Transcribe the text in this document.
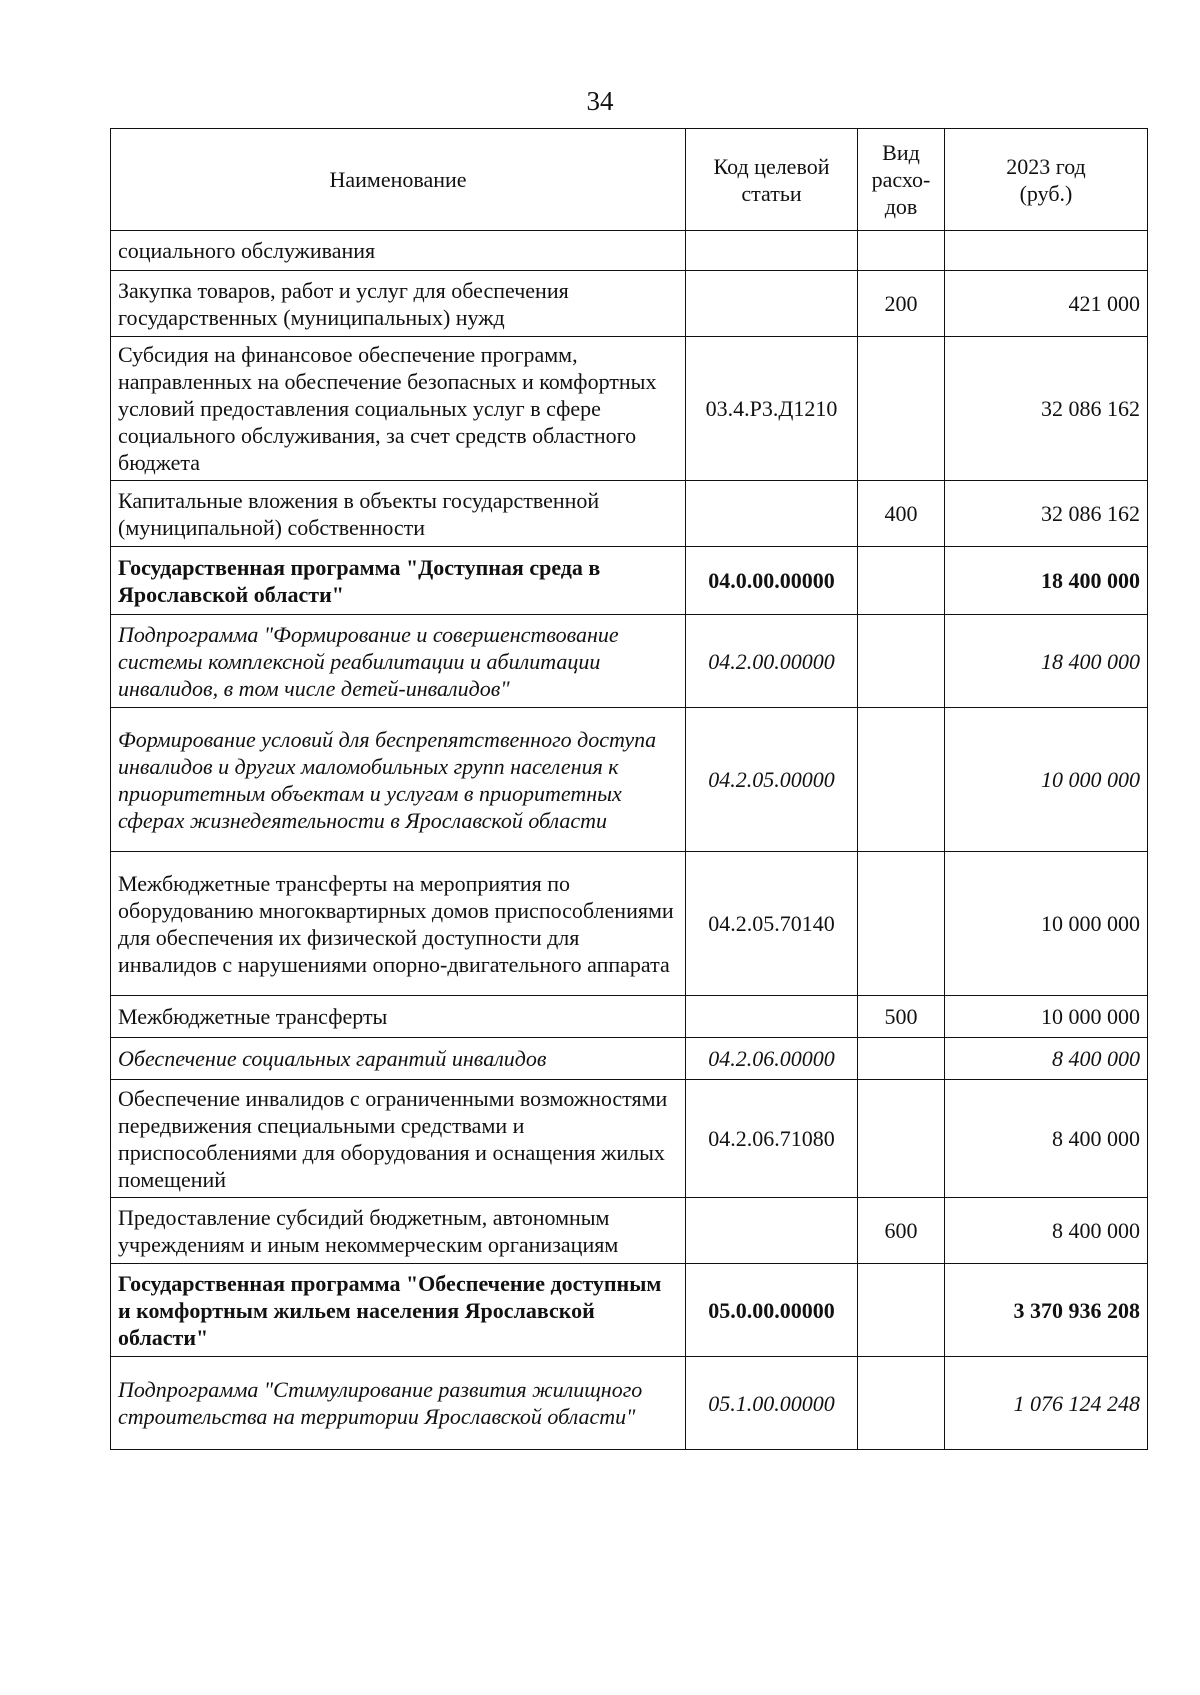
34
Наименование	Код целевой статьи	Вид расхо-дов	2023 год (руб.)
социального обслуживания			
Закупка товаров, работ и услуг для обеспечения государственных (муниципальных) нужд		200	421 000
Субсидия на финансовое обеспечение программ, направленных на обеспечение безопасных и комфортных условий предоставления социальных услуг в сфере социального обслуживания, за счет средств областного бюджета	03.4.Р3.Д1210		32 086 162
Капитальные вложения в объекты государственной (муниципальной) собственности		400	32 086 162
Государственная программа "Доступная среда в Ярославской области"	04.0.00.00000		18 400 000
Подпрограмма "Формирование и совершенствование системы комплексной реабилитации и абилитации инвалидов, в том числе детей-инвалидов"	04.2.00.00000		18 400 000
Формирование условий для беспрепятственного доступа инвалидов и других маломобильных групп населения к приоритетным объектам и услугам в приоритетных сферах жизнедеятельности в Ярославской области	04.2.05.00000		10 000 000
Межбюджетные трансферты на мероприятия по оборудованию многоквартирных домов приспособлениями для обеспечения их физической доступности для инвалидов с нарушениями опорно-двигательного аппарата	04.2.05.70140		10 000 000
Межбюджетные трансферты		500	10 000 000
Обеспечение социальных гарантий инвалидов	04.2.06.00000		8 400 000
Обеспечение инвалидов с ограниченными возможностями передвижения специальными средствами и приспособлениями для оборудования и оснащения жилых помещений	04.2.06.71080		8 400 000
Предоставление субсидий бюджетным, автономным учреждениям и иным некоммерческим организациям		600	8 400 000
Государственная программа "Обеспечение доступным и комфортным жильем населения Ярославской области"	05.0.00.00000		3 370 936 208
Подпрограмма "Стимулирование развития жилищного строительства на территории Ярославской области"	05.1.00.00000		1 076 124 248
